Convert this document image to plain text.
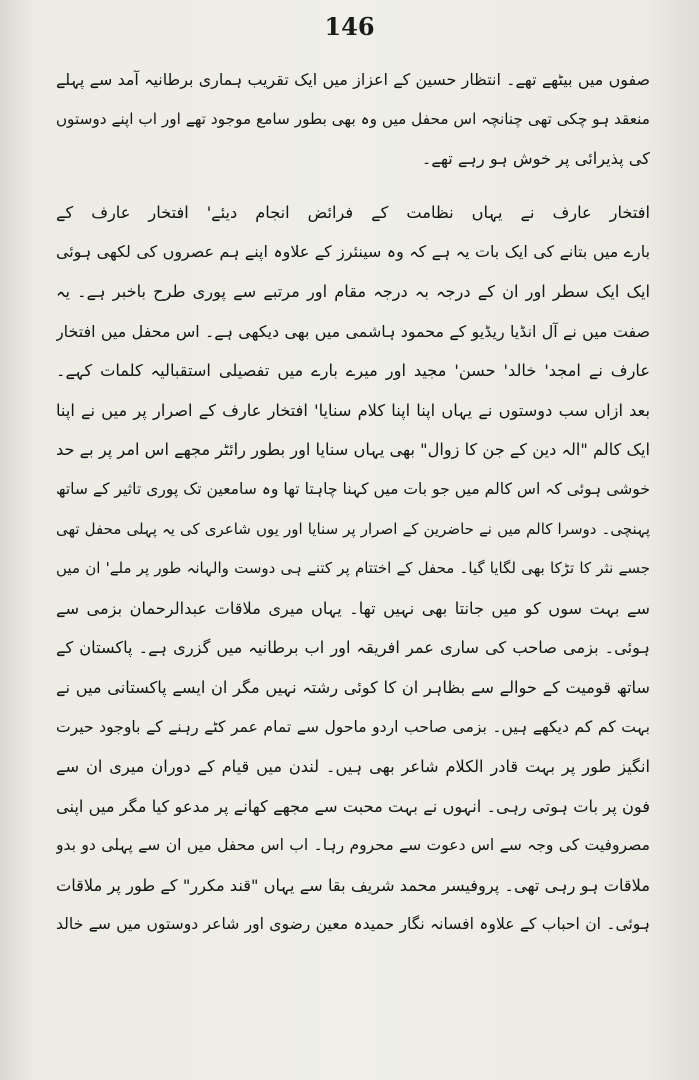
146
صفوں میں بیٹھے تھے۔ انتظار حسین کے اعزاز میں ایک تقریب ہماری برطانیہ آمد سے پہلے
منعقد ہو چکی تھی چنانچہ اس محفل میں وہ بھی بطور سامع موجود تھے اور اب اپنے دوستوں
کی پذیرائی پر خوش ہو رہے تھے۔
افتخار عارف نے یہاں نظامت کے فرائض انجام دیئے' افتخار عارف کے
بارے میں بتانے کی ایک بات یہ ہے کہ وہ سینئرز کے علاوہ اپنے ہم عصروں کی لکھی ہوئی
ایک ایک سطر اور ان کے درجہ بہ درجہ مقام اور مرتبے سے پوری طرح باخبر ہے۔ یہ
صفت میں نے آل انڈیا ریڈیو کے محمود ہاشمی میں بھی دیکھی ہے۔ اس محفل میں افتخار
عارف نے امجد' خالد' حسن' مجید اور میرے بارے میں تفصیلی استقبالیہ کلمات کہے۔
بعد ازاں سب دوستوں نے یہاں اپنا اپنا کلام سنایا' افتخار عارف کے اصرار پر میں نے اپنا
ایک کالم "الہ دین کے جن کا زوال" بھی یہاں سنایا اور بطور رائٹر مجھے اس امر پر بے حد
خوشی ہوئی کہ اس کالم میں جو بات میں کہنا چاہتا تھا وہ سامعین تک پوری تاثیر کے ساتھ
پہنچی۔ دوسرا کالم میں نے حاضرین کے اصرار پر سنایا اور یوں شاعری کی یہ پہلی محفل تھی
جسے نثر کا تڑکا بھی لگایا گیا۔ محفل کے اختتام پر کتنے ہی دوست والہانہ طور پر ملے' ان میں
سے بہت سوں کو میں جانتا بھی نہیں تھا۔ یہاں میری ملاقات عبدالرحمان بزمی سے
ہوئی۔ بزمی صاحب کی ساری عمر افریقہ اور اب برطانیہ میں گزری ہے۔ پاکستان کے
ساتھ قومیت کے حوالے سے بظاہر ان کا کوئی رشتہ نہیں مگر ان ایسے پاکستانی میں نے
بہت کم کم دیکھے ہیں۔ بزمی صاحب اردو ماحول سے تمام عمر کٹے رہنے کے باوجود حیرت
انگیز طور پر بہت قادر الکلام شاعر بھی ہیں۔ لندن میں قیام کے دوران میری ان سے
فون پر بات ہوتی رہی۔ انہوں نے بہت محبت سے مجھے کھانے پر مدعو کیا مگر میں اپنی
مصروفیت کی وجہ سے اس دعوت سے محروم رہا۔ اب اس محفل میں ان سے پہلی دو بدو
ملاقات ہو رہی تھی۔ پروفیسر محمد شریف بقا سے یہاں "قند مکرر" کے طور پر ملاقات
ہوئی۔ ان احباب کے علاوہ افسانہ نگار حمیدہ معین رضوی اور شاعر دوستوں میں سے خالد
